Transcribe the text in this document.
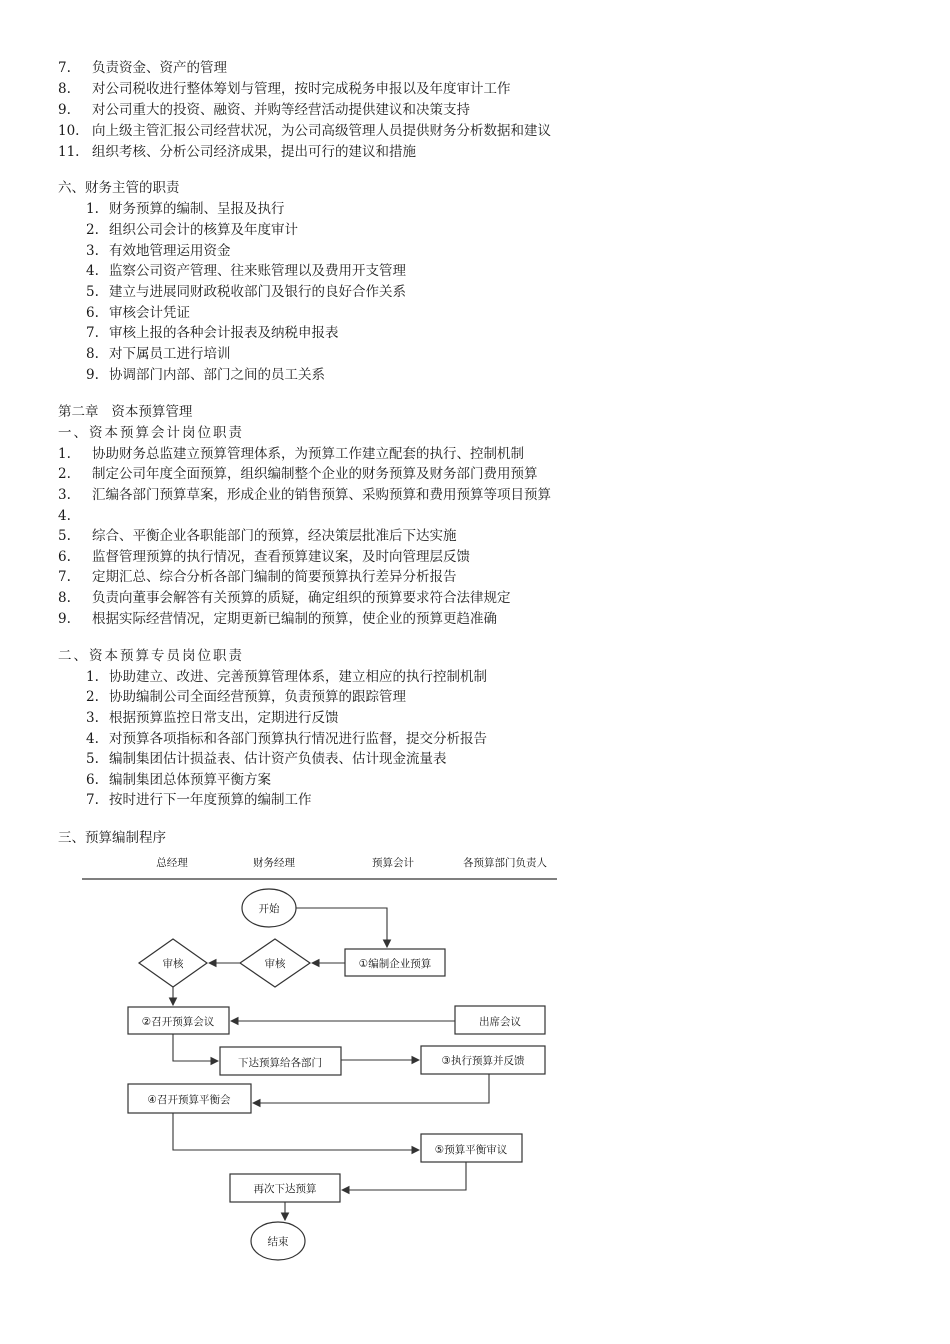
7. 负责资金、资产的管理
8. 对公司税收进行整体筹划与管理，按时完成税务申报以及年度审计工作
9. 对公司重大的投资、融资、并购等经营活动提供建议和决策支持
10. 向上级主管汇报公司经营状况，为公司高级管理人员提供财务分析数据和建议
11. 组织考核、分析公司经济成果，提出可行的建议和措施
六、财务主管的职责
1. 财务预算的编制、呈报及执行
2. 组织公司会计的核算及年度审计
3. 有效地管理运用资金
4. 监察公司资产管理、往来账管理以及费用开支管理
5. 建立与进展同财政税收部门及银行的良好合作关系
6. 审核会计凭证
7. 审核上报的各种会计报表及纳税申报表
8. 对下属员工进行培训
9. 协调部门内部、部门之间的员工关系
第二章   资本预算管理
一、资本预算会计岗位职责
1. 协助财务总监建立预算管理体系，为预算工作建立配套的执行、控制机制
2. 制定公司年度全面预算，组织编制整个企业的财务预算及财务部门费用预算
3. 汇编各部门预算草案，形成企业的销售预算、采购预算和费用预算等项目预算
4.
5. 综合、平衡企业各职能部门的预算，经决策层批准后下达实施
6. 监督管理预算的执行情况，查看预算建议案，及时向管理层反馈
7. 定期汇总、综合分析各部门编制的简要预算执行差异分析报告
8. 负责向董事会解答有关预算的质疑，确定组织的预算要求符合法律规定
9. 根据实际经营情况，定期更新已编制的预算，使企业的预算更趋准确
二、资本预算专员岗位职责
1. 协助建立、改进、完善预算管理体系，建立相应的执行控制机制
2. 协助编制公司全面经营预算，负责预算的跟踪管理
3. 根据预算监控日常支出，定期进行反馈
4. 对预算各项指标和各部门预算执行情况进行监督，提交分析报告
5. 编制集团估计损益表、估计资产负债表、估计现金流量表
6. 编制集团总体预算平衡方案
7. 按时进行下一年度预算的编制工作
三、预算编制程序
总经理	财务经理	预算会计	各预算部门负责人
开始
①编制企业预算
审核
审核
②召开预算会议	出席会议
下达预算给各部门	③执行预算并反馈
④召开预算平衡会
⑤预算平衡审议
再次下达预算
结束
